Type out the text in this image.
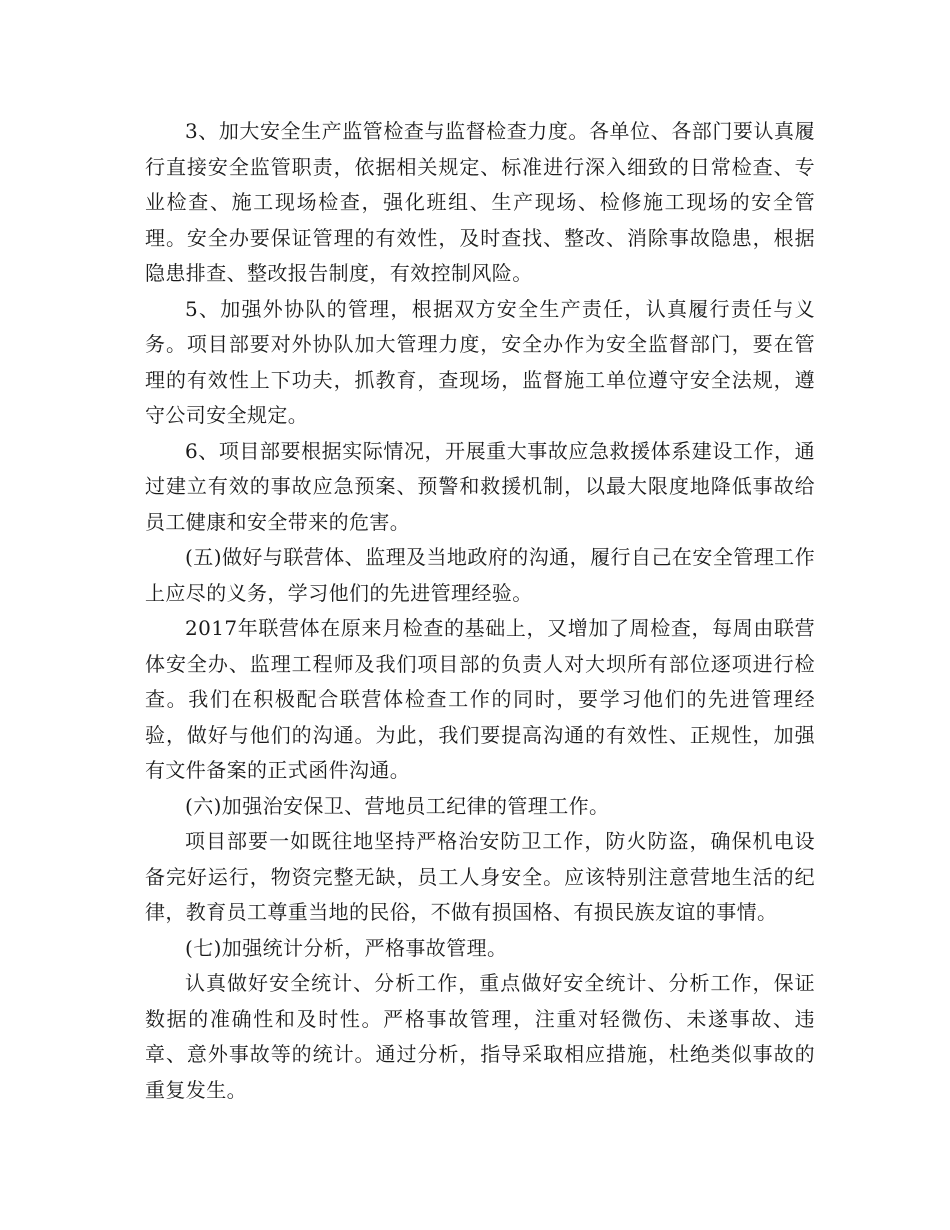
3、加大安全生产监管检查与监督检查力度。各单位、各部门要认真履行直接安全监管职责，依据相关规定、标准进行深入细致的日常检查、专业检查、施工现场检查，强化班组、生产现场、检修施工现场的安全管理。安全办要保证管理的有效性，及时查找、整改、消除事故隐患，根据隐患排查、整改报告制度，有效控制风险。

5、加强外协队的管理，根据双方安全生产责任，认真履行责任与义务。项目部要对外协队加大管理力度，安全办作为安全监督部门，要在管理的有效性上下功夫，抓教育，查现场，监督施工单位遵守安全法规，遵守公司安全规定。

6、项目部要根据实际情况，开展重大事故应急救援体系建设工作，通过建立有效的事故应急预案、预警和救援机制，以最大限度地降低事故给员工健康和安全带来的危害。

(五)做好与联营体、监理及当地政府的沟通，履行自己在安全管理工作上应尽的义务，学习他们的先进管理经验。

2017年联营体在原来月检查的基础上，又增加了周检查，每周由联营体安全办、监理工程师及我们项目部的负责人对大坝所有部位逐项进行检查。我们在积极配合联营体检查工作的同时，要学习他们的先进管理经验，做好与他们的沟通。为此，我们要提高沟通的有效性、正规性，加强有文件备案的正式函件沟通。

(六)加强治安保卫、营地员工纪律的管理工作。

项目部要一如既往地坚持严格治安防卫工作，防火防盗，确保机电设备完好运行，物资完整无缺，员工人身安全。应该特别注意营地生活的纪律，教育员工尊重当地的民俗，不做有损国格、有损民族友谊的事情。

(七)加强统计分析，严格事故管理。

认真做好安全统计、分析工作，重点做好安全统计、分析工作，保证数据的准确性和及时性。严格事故管理，注重对轻微伤、未遂事故、违章、意外事故等的统计。通过分析，指导采取相应措施，杜绝类似事故的重复发生。
